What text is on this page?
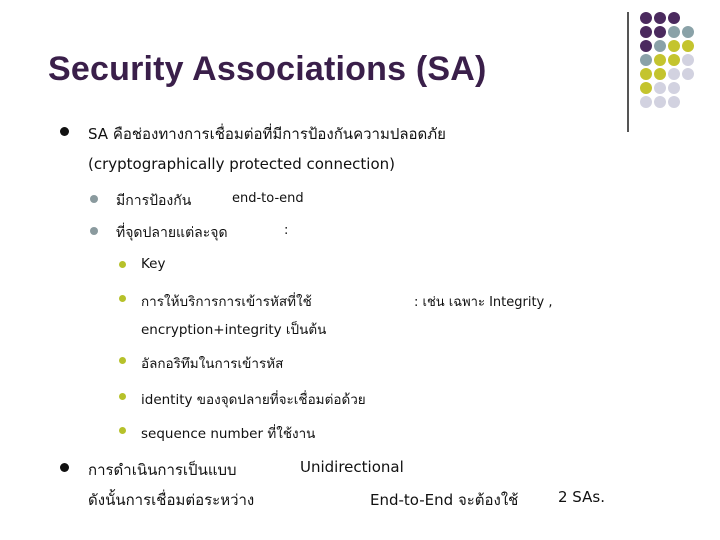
Security Associations (SA)
SA คือช่องทางการเชื่อมต่อที่มีการป้องกันความปลอดภัย
(cryptographically protected connection)
มีการป้องกัน	end-to-end
ที่จุดปลายแต่ละจุด	:
Key
การให้บริการการเข้ารหัสที่ใช้	: เช่น เฉพาะ Integrity ,
encryption+integrity เป็นต้น
อัลกอริทึมในการเข้ารหัส
identity ของจุดปลายที่จะเชื่อมต่อด้วย
sequence number ที่ใช้งาน
การดำเนินการเป็นแบบ	Unidirectional
ดังนั้นการเชื่อมต่อระหว่าง	End-to-End จะต้องใช้	2 SAs.
